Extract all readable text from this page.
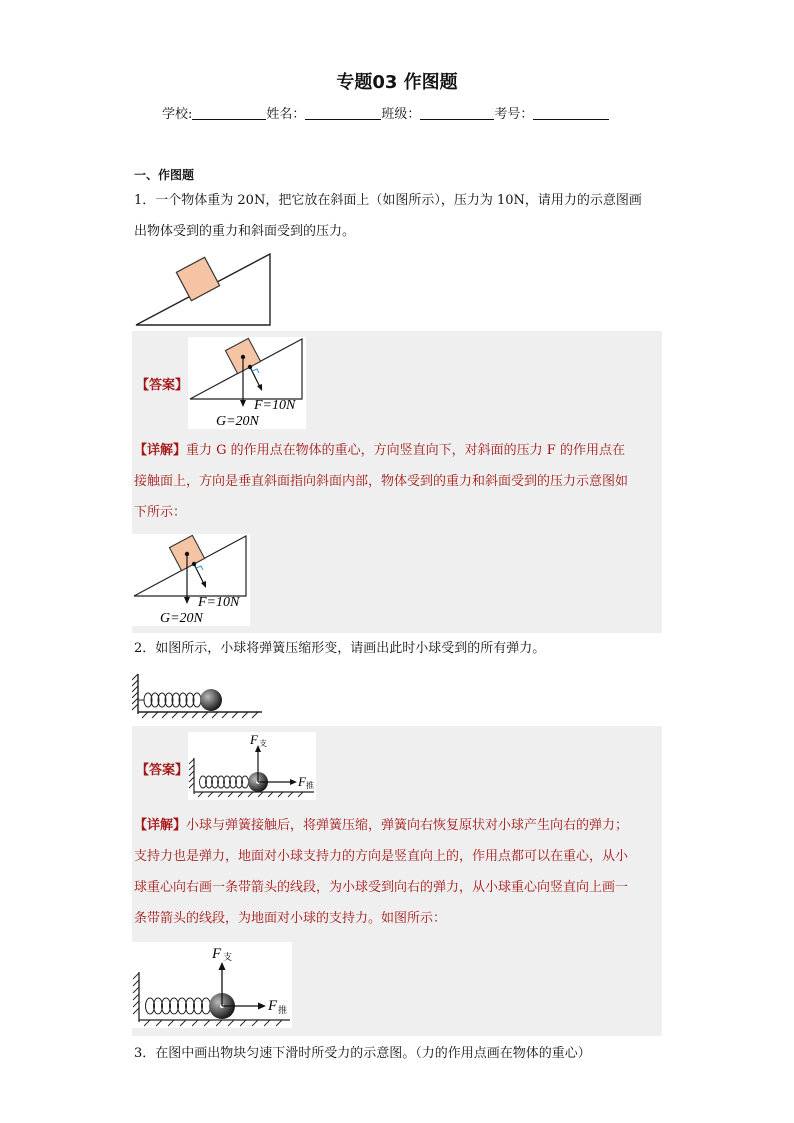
专题03 作图题
学校:	姓名：	班级：	考号：
一、作图题
1．一个物体重为 20N，把它放在斜面上（如图所示），压力为 10N，请用力的示意图画
出物体受到的重力和斜面受到的压力。
【答案】
F=10N
G=20N
【详解】重力 G 的作用点在物体的重心，方向竖直向下，对斜面的压力 F 的作用点在
接触面上，方向是垂直斜面指向斜面内部，物体受到的重力和斜面受到的压力示意图如
下所示：
F=10N
G=20N
2．如图所示，小球将弹簧压缩形变，请画出此时小球受到的所有弹力。
【答案】
F 支
F 推
【详解】小球与弹簧接触后，将弹簧压缩，弹簧向右恢复原状对小球产生向右的弹力；
支持力也是弹力，地面对小球支持力的方向是竖直向上的，作用点都可以在重心，从小
球重心向右画一条带箭头的线段，为小球受到向右的弹力，从小球重心向竖直向上画一
条带箭头的线段，为地面对小球的支持力。如图所示：
F 支
F 推
3．在图中画出物块匀速下滑时所受力的示意图。（力的作用点画在物体的重心）
